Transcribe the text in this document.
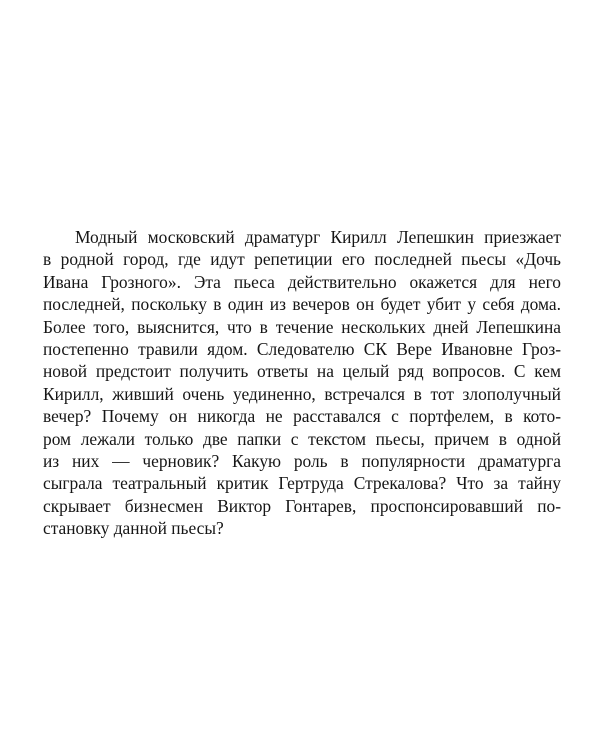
Модный московский драматург Кирилл Лепешкин приезжает
в родной город, где идут репетиции его последней пьесы «Дочь
Ивана Грозного». Эта пьеса действительно окажется для него
последней, поскольку в один из вечеров он будет убит у себя дома.
Более того, выяснится, что в течение нескольких дней Лепешкина
постепенно травили ядом. Следователю СК Вере Ивановне Гроз-
новой предстоит получить ответы на целый ряд вопросов. С кем
Кирилл, живший очень уединенно, встречался в тот злополучный
вечер? Почему он никогда не расставался с портфелем, в кото-
ром лежали только две папки с текстом пьесы, причем в одной
из них — черновик? Какую роль в популярности драматурга
сыграла театральный критик Гертруда Стрекалова? Что за тайну
скрывает бизнесмен Виктор Гонтарев, проспонсировавший по-
становку данной пьесы?
